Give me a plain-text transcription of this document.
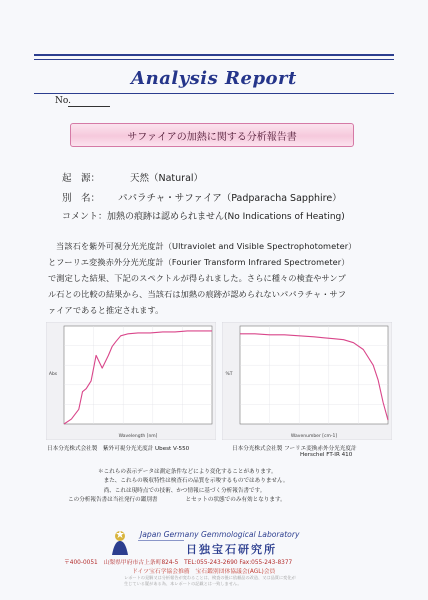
Analysis Report
No.
サファイアの加熱に関する分析報告書
起　源：	天然（Natural）
別　名： パパラチャ・サファイア（Padparacha Sapphire）
コメント：加熱の痕跡は認められません(No Indications of Heating)
当該石を紫外可視分光光度計（Ultraviolet and Visible Spectrophotometer）
とフーリエ変換赤外分光光度計（Fourier Transform Infrared Spectrometer）
で測定した結果、下記のスペクトルが得られました。さらに種々の検査やサンプ
ル石との比較の結果から、当該石は加熱の痕跡が認められないパパラチャ・サフ
ァイアであると推定されます。
Wavelength [nm]
Abs
Wavenumber [cm-1]
%T
日本分光株式会社製　紫外可視分光光度計 Ubest V-550	日本分光株式会社製 フーリエ変換赤外分光光度計
Herschel FT-IR 410
＊これらの表示データは測定条件などにより変化することがあります。
　また、これらの吸収特性は検査石の品質を示唆するものではありません。
　尚、これは現時点での技術、かつ情報に基づく分析報告書です。
この分析報告書は当社発行の鑑別書　　　　　とセットの状態でのみ有効となります。
Japan Germany Gemmological Laboratory
日独宝石研究所
〒400-0051　山梨県甲府市古上条町824-5　TEL:055-243-2690 Fax:055-243-8377
ドイツ宝石学協会推薦　宝石鑑別団体協議会(AGL)会員
レポートの見解又は分析報告が変わることは、検査の後に依頼品の改造、又は品質に変化が
生じている疑がある為、本レポートの記載とは一致しません。
